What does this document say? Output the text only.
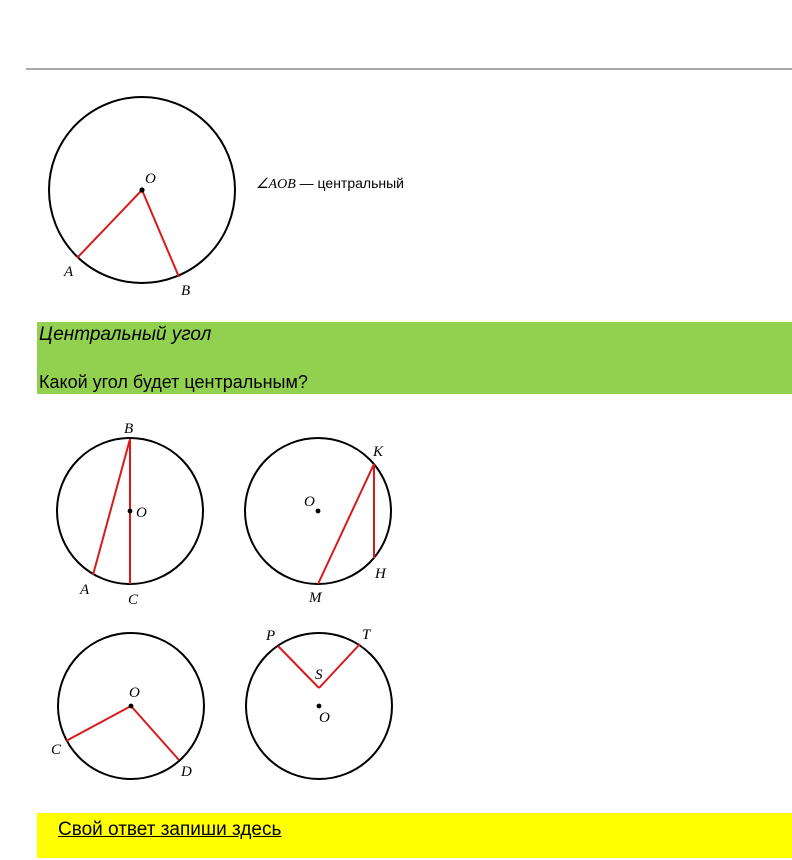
O
A
B
B
O
A
C
K
O
H
M
O
C
D
P	T
S
O
∠AOB — центральный
Центральный угол
Какой угол будет центральным?
Свой ответ запиши здесь
